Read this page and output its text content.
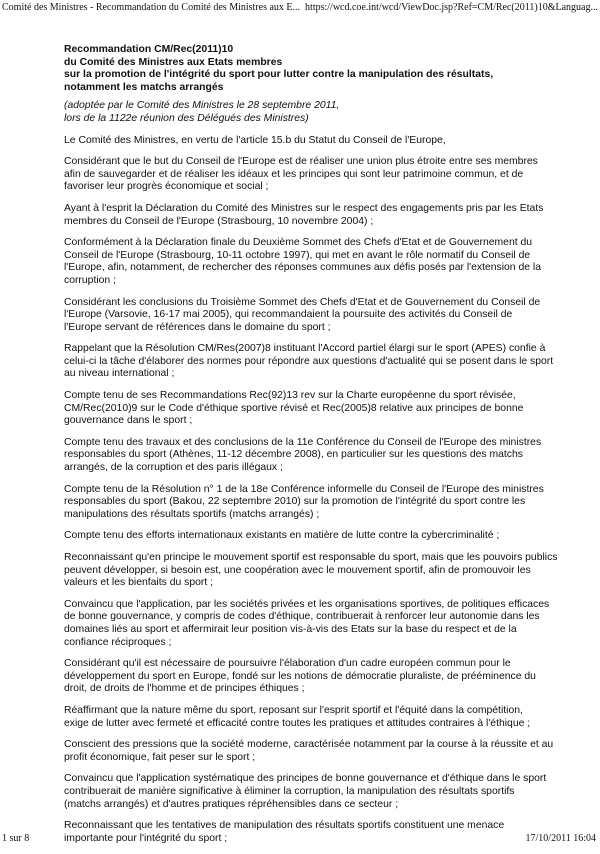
Comité des Ministres - Recommandation du Comité des Ministres aux E... https://wcd.coe.int/wcd/ViewDoc.jsp?Ref=CM/Rec(2011)10&Languag...
Recommandation CM/Rec(2011)10
du Comité des Ministres aux Etats membres
sur la promotion de l'intégrité du sport pour lutter contre la manipulation des résultats,
notamment les matchs arrangés
(adoptée par le Comité des Ministres le 28 septembre 2011,
lors de la 1122e réunion des Délégués des Ministres)
Le Comité des Ministres, en vertu de l'article 15.b du Statut du Conseil de l'Europe,
Considérant que le but du Conseil de l'Europe est de réaliser une union plus étroite entre ses membres
afin de sauvegarder et de réaliser les idéaux et les principes qui sont leur patrimoine commun, et de
favoriser leur progrès économique et social ;
Ayant à l'esprit la Déclaration du Comité des Ministres sur le respect des engagements pris par les Etats
membres du Conseil de l'Europe (Strasbourg, 10 novembre 2004) ;
Conformément à la Déclaration finale du Deuxième Sommet des Chefs d'Etat et de Gouvernement du
Conseil de l'Europe (Strasbourg, 10-11 octobre 1997), qui met en avant le rôle normatif du Conseil de
l'Europe, afin, notamment, de rechercher des réponses communes aux défis posés par l'extension de la
corruption ;
Considérant les conclusions du Troisième Sommet des Chefs d'Etat et de Gouvernement du Conseil de
l'Europe (Varsovie, 16-17 mai 2005), qui recommandaient la poursuite des activités du Conseil de
l'Europe servant de références dans le domaine du sport ;
Rappelant que la Résolution CM/Res(2007)8 instituant l'Accord partiel élargi sur le sport (APES) confie à
celui-ci la tâche d'élaborer des normes pour répondre aux questions d'actualité qui se posent dans le sport
au niveau international ;
Compte tenu de ses Recommandations Rec(92)13 rev sur la Charte européenne du sport révisée,
CM/Rec(2010)9 sur le Code d'éthique sportive révisé et Rec(2005)8 relative aux principes de bonne
gouvernance dans le sport ;
Compte tenu des travaux et des conclusions de la 11e Conférence du Conseil de l'Europe des ministres
responsables du sport (Athènes, 11-12 décembre 2008), en particulier sur les questions des matchs
arrangés, de la corruption et des paris illégaux ;
Compte tenu de la Résolution n° 1 de la 18e Conférence informelle du Conseil de l'Europe des ministres
responsables du sport (Bakou, 22 septembre 2010) sur la promotion de l'intégrité du sport contre les
manipulations des résultats sportifs (matchs arrangés) ;
Compte tenu des efforts internationaux existants en matière de lutte contre la cybercriminalité ;
Reconnaissant qu'en principe le mouvement sportif est responsable du sport, mais que les pouvoirs publics
peuvent développer, si besoin est, une coopération avec le mouvement sportif, afin de promouvoir les
valeurs et les bienfaits du sport ;
Convaincu que l'application, par les sociétés privées et les organisations sportives, de politiques efficaces
de bonne gouvernance, y compris de codes d'éthique, contribuerait à renforcer leur autonomie dans les
domaines liés au sport et affermirait leur position vis-à-vis des Etats sur la base du respect et de la
confiance réciproques ;
Considérant qu'il est nécessaire de poursuivre l'élaboration d'un cadre européen commun pour le
développement du sport en Europe, fondé sur les notions de démocratie pluraliste, de prééminence du
droit, de droits de l'homme et de principes éthiques ;
Réaffirmant que la nature même du sport, reposant sur l'esprit sportif et l'équité dans la compétition,
exige de lutter avec fermeté et efficacité contre toutes les pratiques et attitudes contraires à l'éthique ;
Conscient des pressions que la société moderne, caractérisée notamment par la course à la réussite et au
profit économique, fait peser sur le sport ;
Convaincu que l'application systématique des principes de bonne gouvernance et d'éthique dans le sport
contribuerait de manière significative à éliminer la corruption, la manipulation des résultats sportifs
(matchs arrangés) et d'autres pratiques répréhensibles dans ce secteur ;
Reconnaissant que les tentatives de manipulation des résultats sportifs constituent une menace
importante pour l'intégrité du sport ;
1 sur 8	17/10/2011 16:04
